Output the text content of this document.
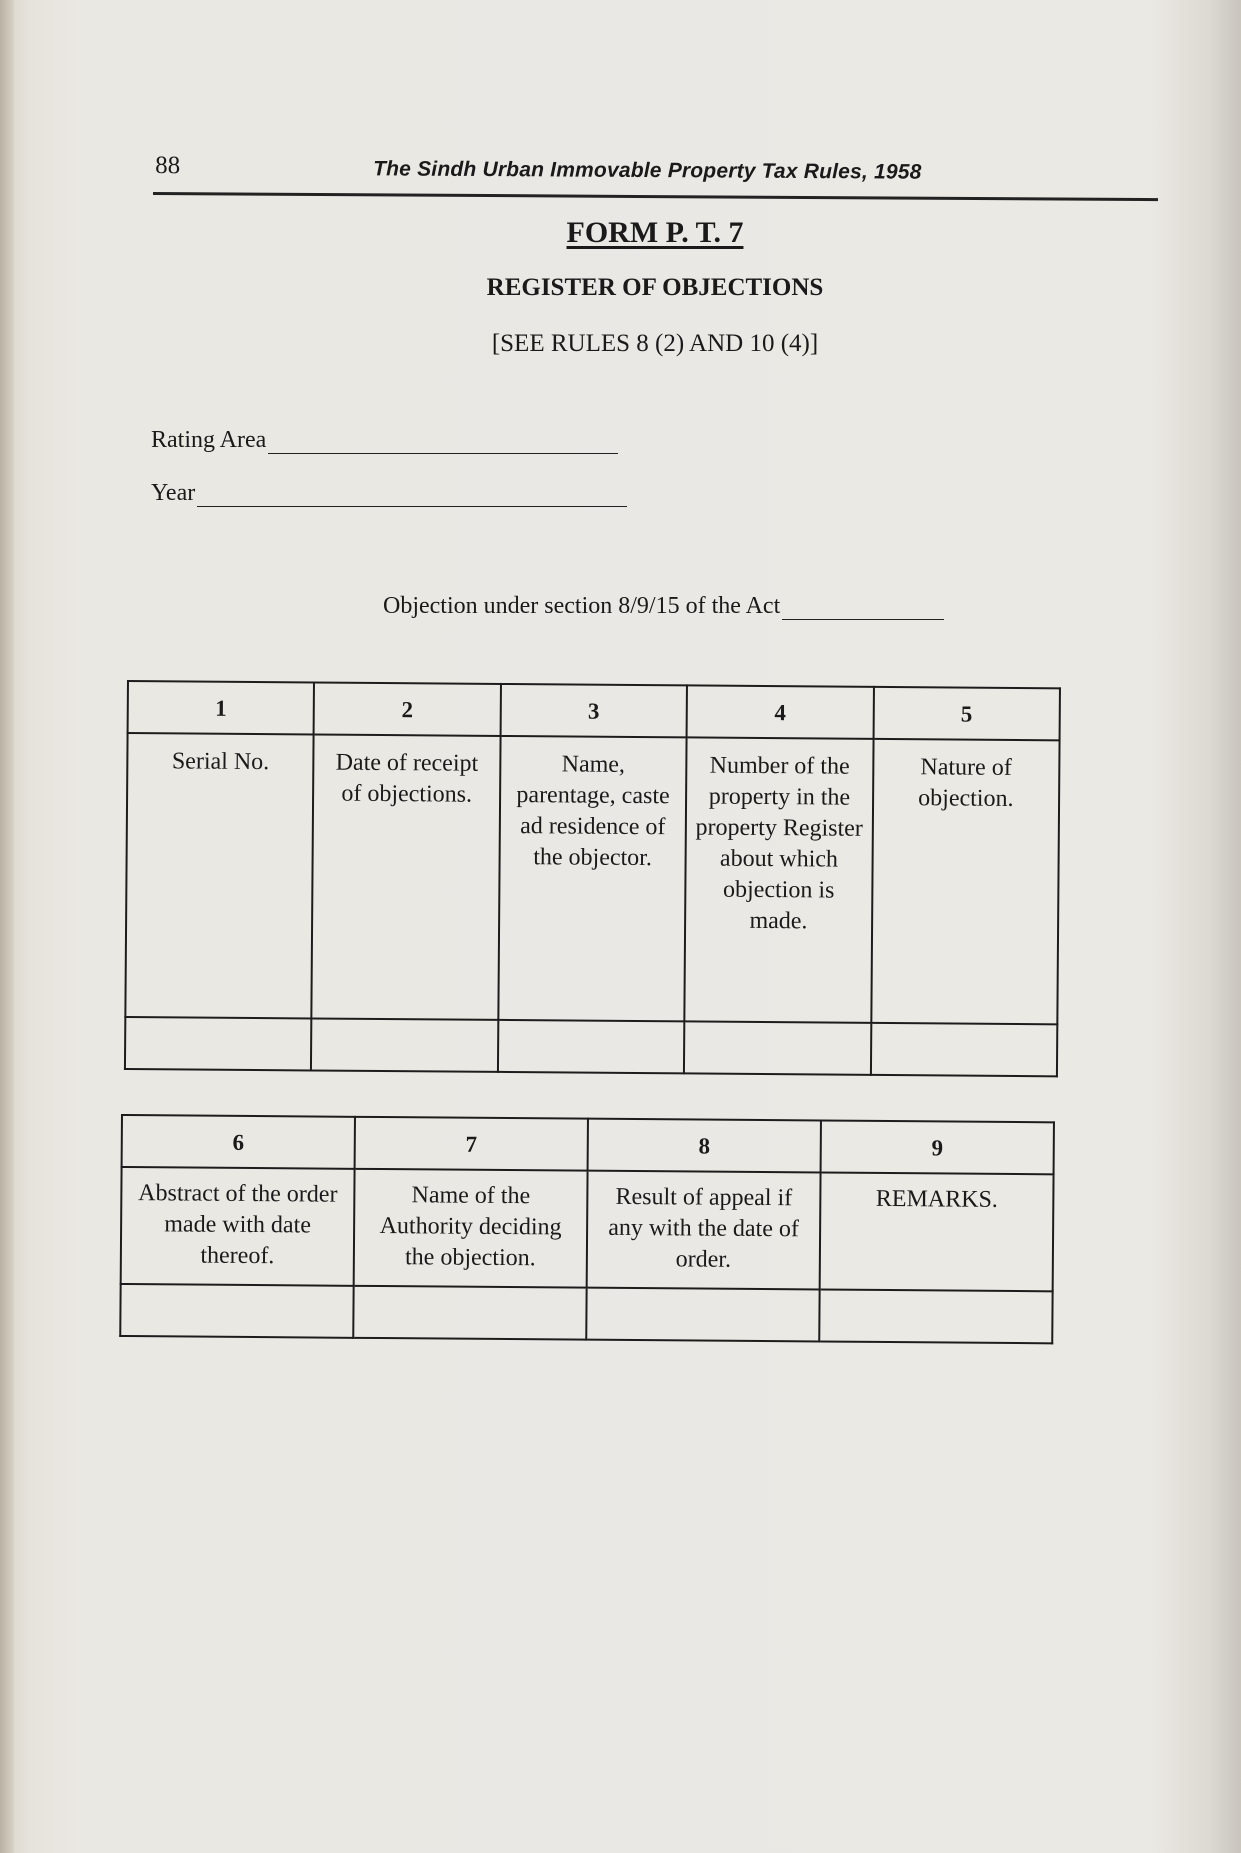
88	The Sindh Urban Immovable Property Tax Rules, 1958
FORM P. T. 7
REGISTER OF OBJECTIONS
[SEE RULES 8 (2) AND 10 (4)]
Rating Area
Year
Objection under section 8/9/15 of the Act
1	2	3	4	5

Serial No.	Date of receipt of objections.	Name, parentage, caste ad residence of the objector.	Number of the property in the property Register about which objection is made.	Nature of objection.

6	7	8	9

Abstract of the order made with date thereof.	Name of the Authority deciding the objection.	Result of appeal if any with the date of order.	REMARKS.
